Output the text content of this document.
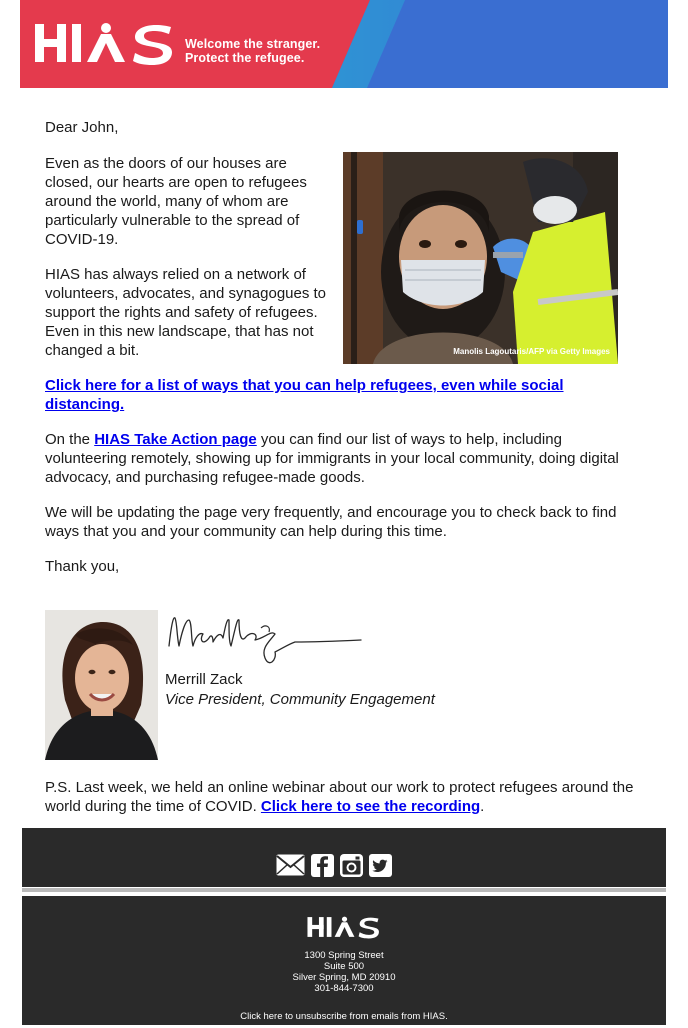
Welcome the stranger.
Protect the refugee.
Dear John,
Even as the doors of our houses are closed, our hearts are open to refugees around the world, many of whom are particularly vulnerable to the spread of COVID-19.
Manolis Lagoutaris/AFP via Getty Images
HIAS has always relied on a network of volunteers, advocates, and synagogues to support the rights and safety of refugees. Even in this new landscape, that has not changed a bit.
Click here for a list of ways that you can help refugees, even while social distancing.
On the HIAS Take Action page you can find our list of ways to help, including volunteering remotely, showing up for immigrants in your local community, doing digital advocacy, and purchasing refugee-made goods.
We will be updating the page very frequently, and encourage you to check back to find ways that you and your community can help during this time.
Thank you,
Merrill Zack
Vice President, Community Engagement
P.S. Last week, we held an online webinar about our work to protect refugees around the world during the time of COVID. Click here to see the recording.
1300 Spring Street
Suite 500
Silver Spring, MD 20910
301-844-7300
Click here to unsubscribe from emails from HIAS.
